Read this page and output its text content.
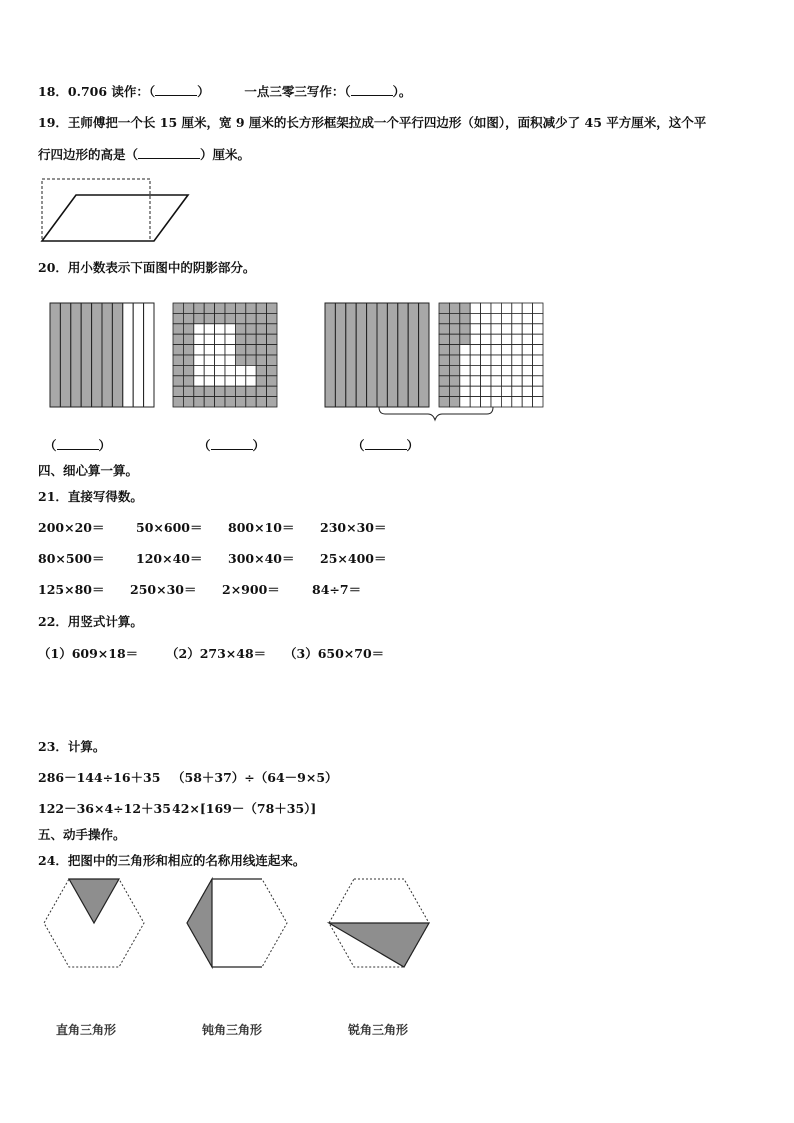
18．0.706 读作：（	）	一点三零三写作：（	）。
19．王师傅把一个长 15 厘米，宽 9 厘米的长方形框架拉成一个平行四边形（如图），面积减少了 45 平方厘米，这个平
行四边形的高是（	）厘米。
20．用小数表示下面图中的阴影部分。
（	）	（	）	（	）
四、细心算一算。
21．直接写得数。
200×20＝	50×600＝ 800×10＝ 230×30＝
80×500＝	120×40＝ 300×40＝ 25×400＝
125×80＝ 250×30＝ 2×900＝	84÷7＝
22．用竖式计算。
（1）609×18＝ （2）273×48＝ （3）650×70＝
23．计算。
286－144÷16＋35 （58＋37）÷（64－9×5）
122－36×4÷12＋35 42×[169－（78＋35）]
五、动手操作。
24．把图中的三角形和相应的名称用线连起来。
直角三角形	钝角三角形	锐角三角形
